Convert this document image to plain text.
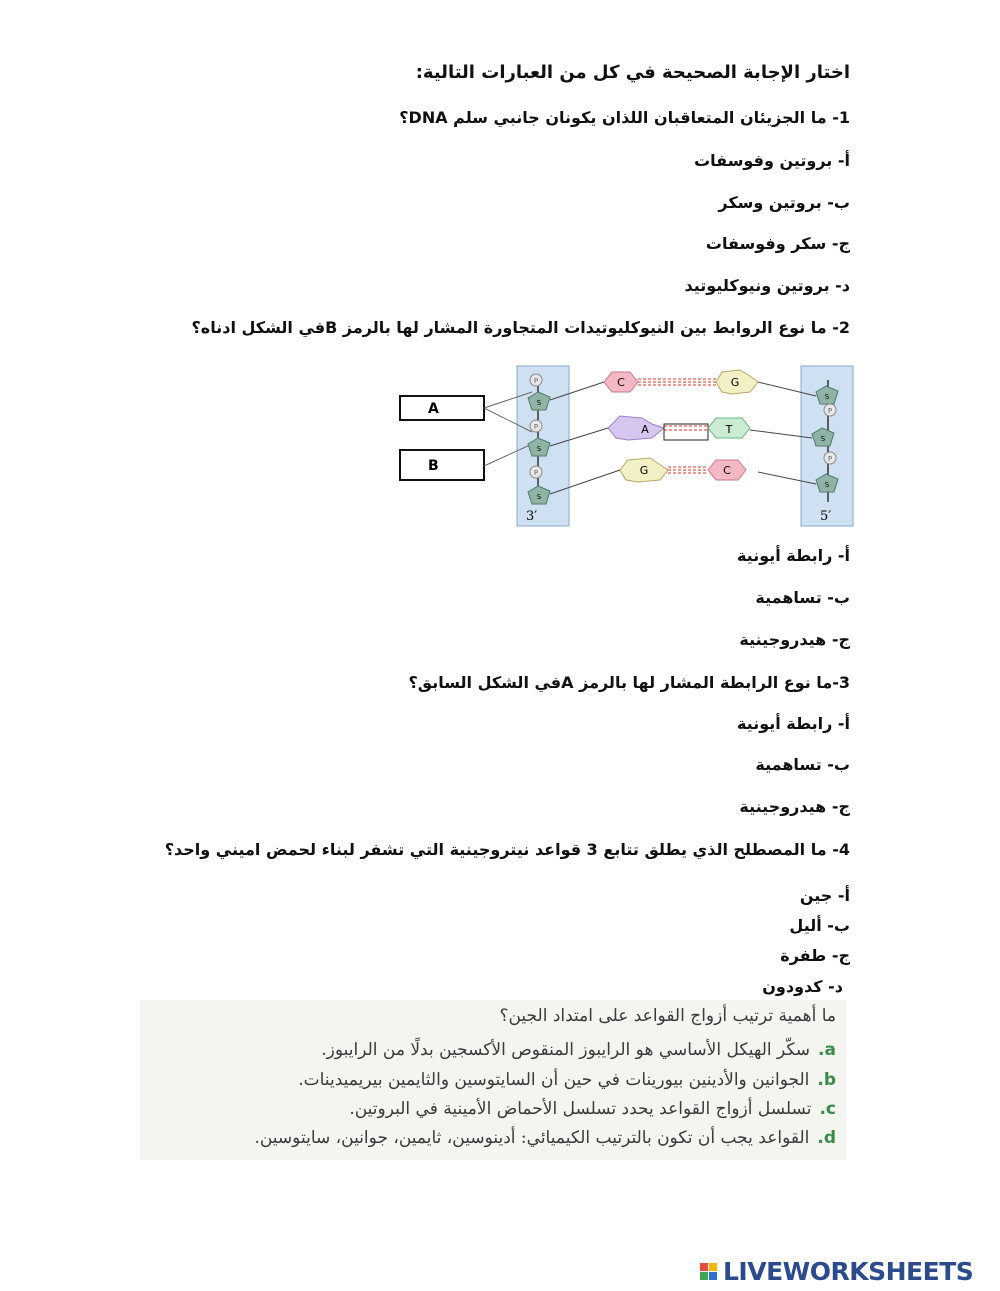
اختار الإجابة الصحيحة في كل من العبارات التالية:
1- ما الجزيئان المتعاقبان اللذان يكونان جانبي سلم DNA؟
أ- بروتين وفوسفات
ب- بروتين وسكر
ج- سكر وفوسفات
د- بروتين ونيوكليوتيد
2- ما نوع الروابط بين النيوكليوتيدات المتجاورة المشار لها بالرمز Bفي الشكل ادناه؟
A
B
P
S
P
S
P
S
S
P
S
P
S
C	G
A	T
G	C
3′	5′
أ- رابطة أيونية
ب- تساهمية
ج- هيدروجينية
3-ما نوع الرابطة المشار لها بالرمز Aفي الشكل السابق؟
أ- رابطة أيونية
ب- تساهمية
ج- هيدروجينية
4- ما المصطلح الذي يطلق تتابع 3 قواعد نيتروجينية التي تشفر لبناء لحمض اميني واحد؟
أ- جين
ب- أليل
ج- طفرة
د- كدودون
ما أهمية ترتيب أزواج القواعد على امتداد الجين؟
a.سكّر الهيكل الأساسي هو الرايبوز المنقوص الأكسجين بدلًا من الرايبوز.
b.الجوانين والأدينين بيورينات في حين أن السايتوسين والثايمين بيريميدينات.
c.تسلسل أزواج القواعد يحدد تسلسل الأحماض الأمينية في البروتين.
d.القواعد يجب أن تكون بالترتيب الكيميائي: أدينوسين، ثايمين، جوانين، سايتوسين.
LIVEWORKSHEETS
